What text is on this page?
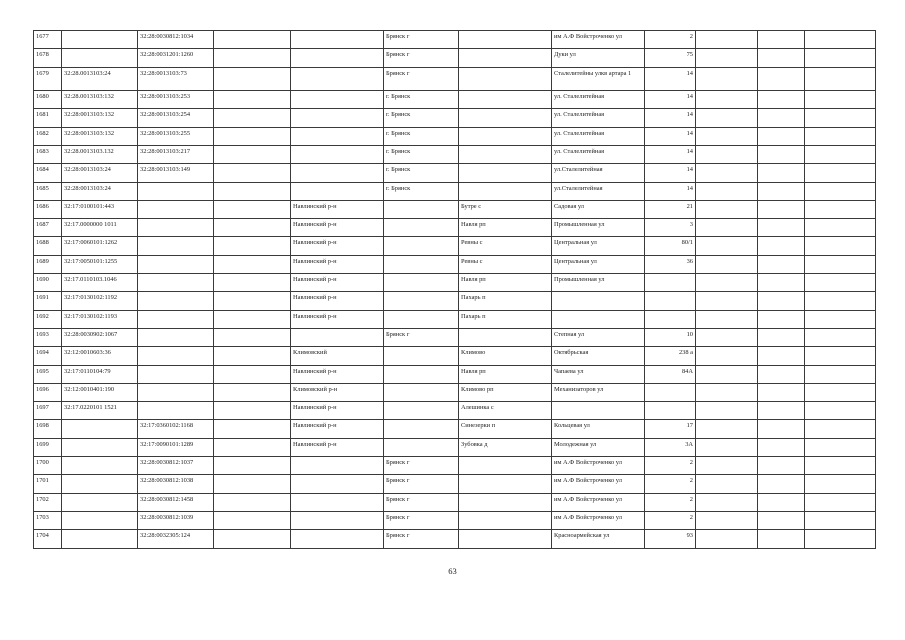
1677		32:28:0030812:1034			Брянск г		им А.Ф Войстроченко ул	2			
1678		32:28:0031201:1260			Брянск г		Дуки ул	75			
1679	32:28.0013103:24	32:28:0013103:73			Брянск г		Сталелитейны улкв артара 1	14			
1680	32:28.0013103:132	32:28:0013103:253			г. Брянск		ул. Сталелитейная	14			
1681	32:28:0013103:132	32:28:0013103:254			г. Брянск		ул. Сталелитейная	14			
1682	32:28:0013103:132	32:28:0013103:255			г. Брянск		ул. Сталелитейная	14			
1683	32:28.0013103.132	32:28:0013103:217			г. Брянск		ул. Сталелитейная	14			
1684	32:28:0013103:24	32:28:0013103:149			г. Брянск		ул.Сталелитейная	14			
1685	32:28:0013103:24				г. Брянск		ул.Сталелитейная	14			
1686	32:17:0100101:443			Навлинский р-н		Бутре с	Садовая ул	21			
1687	32:17.0000000 1011			Навлинский р-н		Навля рп	Промышленная ул	3			
1688	32:17:0060101:1262			Навлинский р-н		Ревны с	Центральная ул	80/1			
1689	32:17:0050101:1255			Навлинский р-н		Ревны с	Центральная ул	36			
1690	32:17.0110103.1046			Навлинский р-н		Навля рп	Промышленная ул				
1691	32:17:0130102:1192			Навлинский р-н		Пахарь п					
1692	32:17:0130102:1193			Навлинский р-н		Пахарь п					
1693	32:28:0030902:1067				Брянск г		Степная ул	10			
1694	32:12:0010603:36			Климовский		Климово	Октябрьская	238 а			
1695	32:17:0110104:79			Навлинский р-н		Навля рп	Чапаева ул	84А			
1696	32:12:0010401:190			Климовский р-н		Климово рп	Механизаторов ул				
1697	32:17.0220101 1521			Навлинский р-н		Алешинка с					
1698		32:17:0360102:1168		Навлинский р-н		Синезерки п	Кольцевая ул	17			
1699		32:17:0090101:1289		Навлинский р-н		Зубовка д	Молодежная ул	3А			
1700		32:28:0030812:1037			Брянск г		им А.Ф Войстроченко ул	2			
1701		32:28:0030812:1038			Брянск г		им А.Ф Войстроченко ул	2			
1702		32:28:0030812:1458			Брянск г		им А.Ф Войстроченко ул	2			
1703		32:28:0030812:1039			Брянск г		им А.Ф Войстроченко ул	2			
1704		32:28:0032305:124			Брянск г		Красноармейская ул	93			
63
